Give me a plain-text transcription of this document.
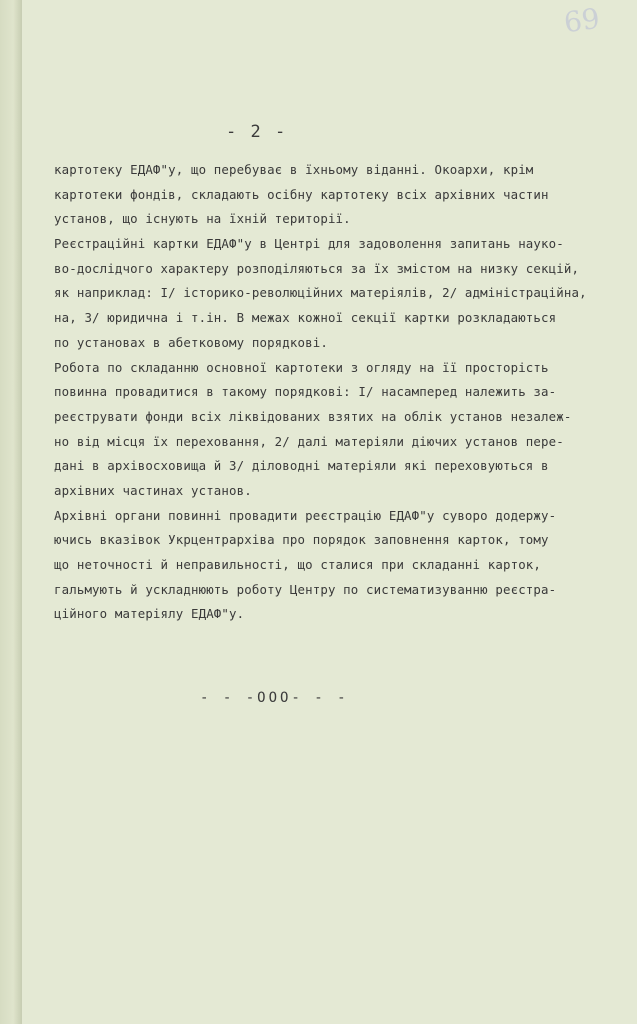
69
- 2 -
картотеку ЕДАФ"у, що перебуває в їхньому віданні. Окоархи, крім
картотеки фондів, складають осібну картотеку всіх архівних частин
установ, що існують на їхній території.
Реєстраційні картки ЕДАФ"у в Центрі для задоволення запитань науко-
во-дослідчого характеру розподіляються за їх змістом на низку секцій,
як наприклад: І/ історико-революційних матеріялів, 2/ адміністраційна,
на, З/ юридична і т.ін. В межах кожної секції картки розкладаються
по установах в абетковому порядкові.
Робота по складанню основної картотеки з огляду на її просторість
повинна провадитися в такому порядкові: І/ насамперед належить за-
реєструвати фонди всіх ліквідованих взятих на облік установ незалеж-
но від місця їх переховання, 2/ далі матеріяли діючих установ пере-
дані в архівосховища й З/ діловодні матеріяли які переховуються в
архівних частинах установ.
Архівні органи повинні провадити реєстрацію ЕДАФ"у суворо додержу-
ючись вказівок Укрцентрархіва про порядок заповнення карток, тому
що неточності й неправильності, що сталися при складанні карток,
гальмують й ускладнюють роботу Центру по систематизуванню реєстра-
ційного матеріялу ЕДАФ"у.
- - -ООО- - -
